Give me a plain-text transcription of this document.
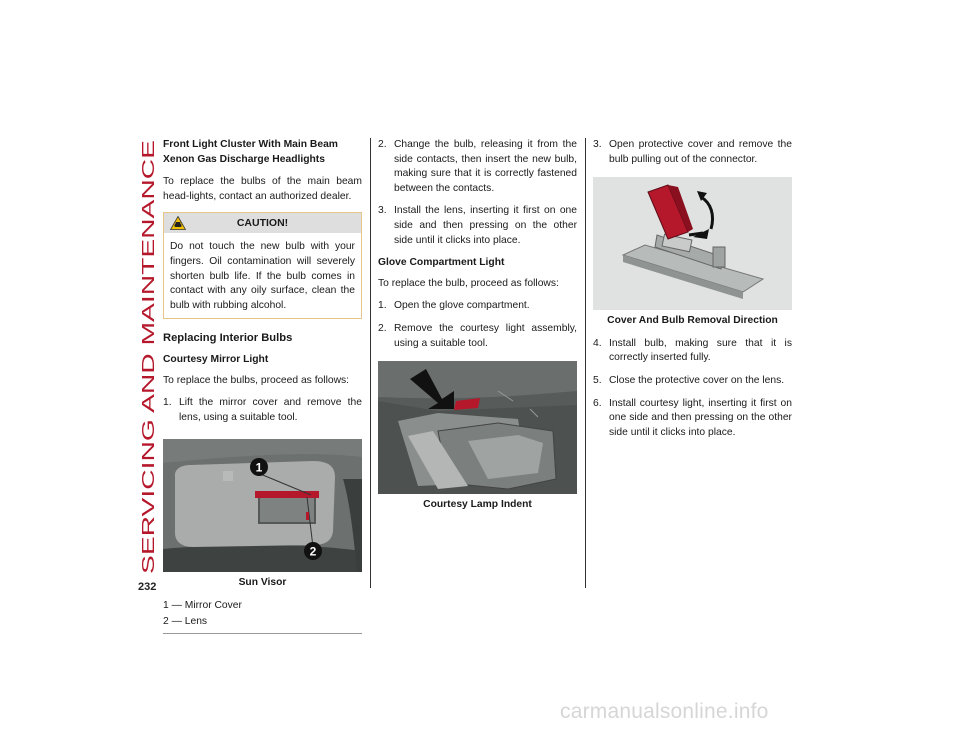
SERVICING AND MAINTENANCE
232

Front Light Cluster With Main Beam Xenon Gas Discharge Headlights

To replace the bulbs of the main beam head-lights, contact an authorized dealer.

CAUTION!
Do not touch the new bulb with your fingers. Oil contamination will severely shorten bulb life. If the bulb comes in contact with any oily surface, clean the bulb with rubbing alcohol.
Replacing Interior Bulbs
Courtesy Mirror Light

To replace the bulbs, proceed as follows:

1. Lift the mirror cover and remove the lens, using a suitable tool.
1
2
Sun Visor
1 — Mirror Cover
2 — Lens
2. Change the bulb, releasing it from the side contacts, then insert the new bulb, making sure that it is correctly fastened between the contacts.
3. Install the lens, inserting it first on one side and then pressing on the other side until it clicks into place.
Glove Compartment Light

To replace the bulb, proceed as follows:

1. Open the glove compartment.
2. Remove the courtesy light assembly, using a suitable tool.
Courtesy Lamp Indent
3. Open protective cover and remove the bulb pulling out of the connector.
Cover And Bulb Removal Direction
4. Install bulb, making sure that it is correctly inserted fully.
5. Close the protective cover on the lens.
6. Install courtesy light, inserting it first on one side and then pressing on the other side until it clicks into place.
carmanualsonline.info
